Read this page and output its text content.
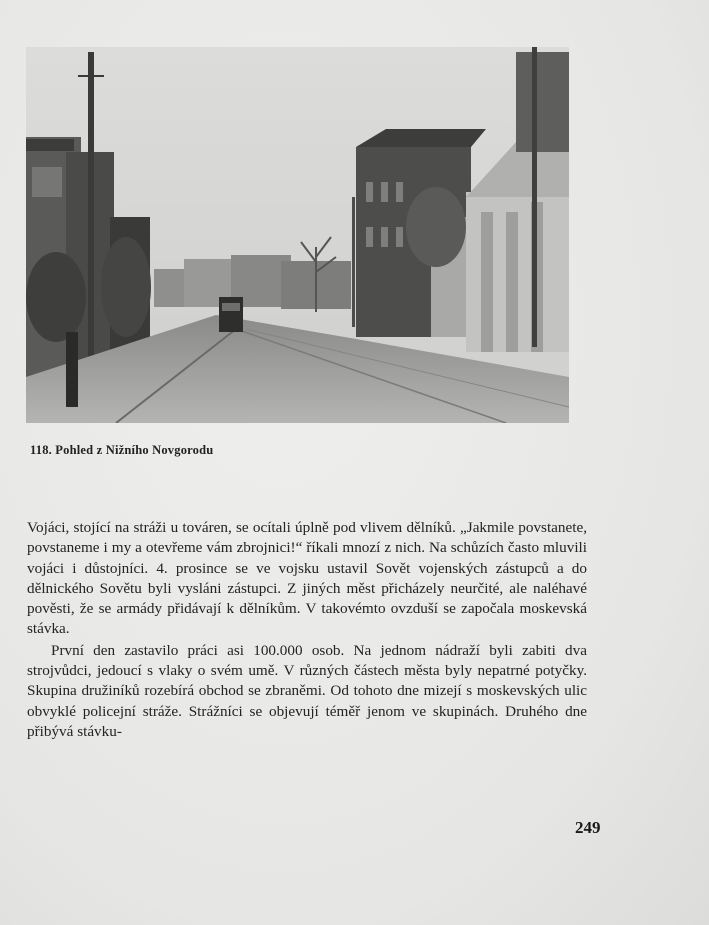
118. Pohled z Nižního Novgorodu

Vojáci, stojící na stráži u továren, se ocítali úplně pod vlivem dělníků. „Jakmile povstanete, povstaneme i my a otevřeme vám zbrojnici!“ říkali mnozí z nich. Na schůzích často mluvili vojáci i důstojníci. 4. prosince se ve vojsku ustavil Sovět vojenských zástupců a do dělnického Sovětu byli vysláni zástupci. Z jiných měst přicházely neurčité, ale naléhavé pověsti, že se armády přidávají k dělníkům. V takovémto ovzduší se započala moskevská stávka.

První den zastavilo práci asi 100.000 osob. Na jednom nádraží byli zabiti dva strojvůdci, jedoucí s vlaky o svém umě. V různých částech města byly nepatrné potyčky. Skupina družiníků rozebírá obchod se zbraněmi. Od tohoto dne mizejí s moskevských ulic obvyklé policejní stráže. Strážníci se objevují téměř jenom ve skupinách. Druhého dne přibývá stávku-

249
